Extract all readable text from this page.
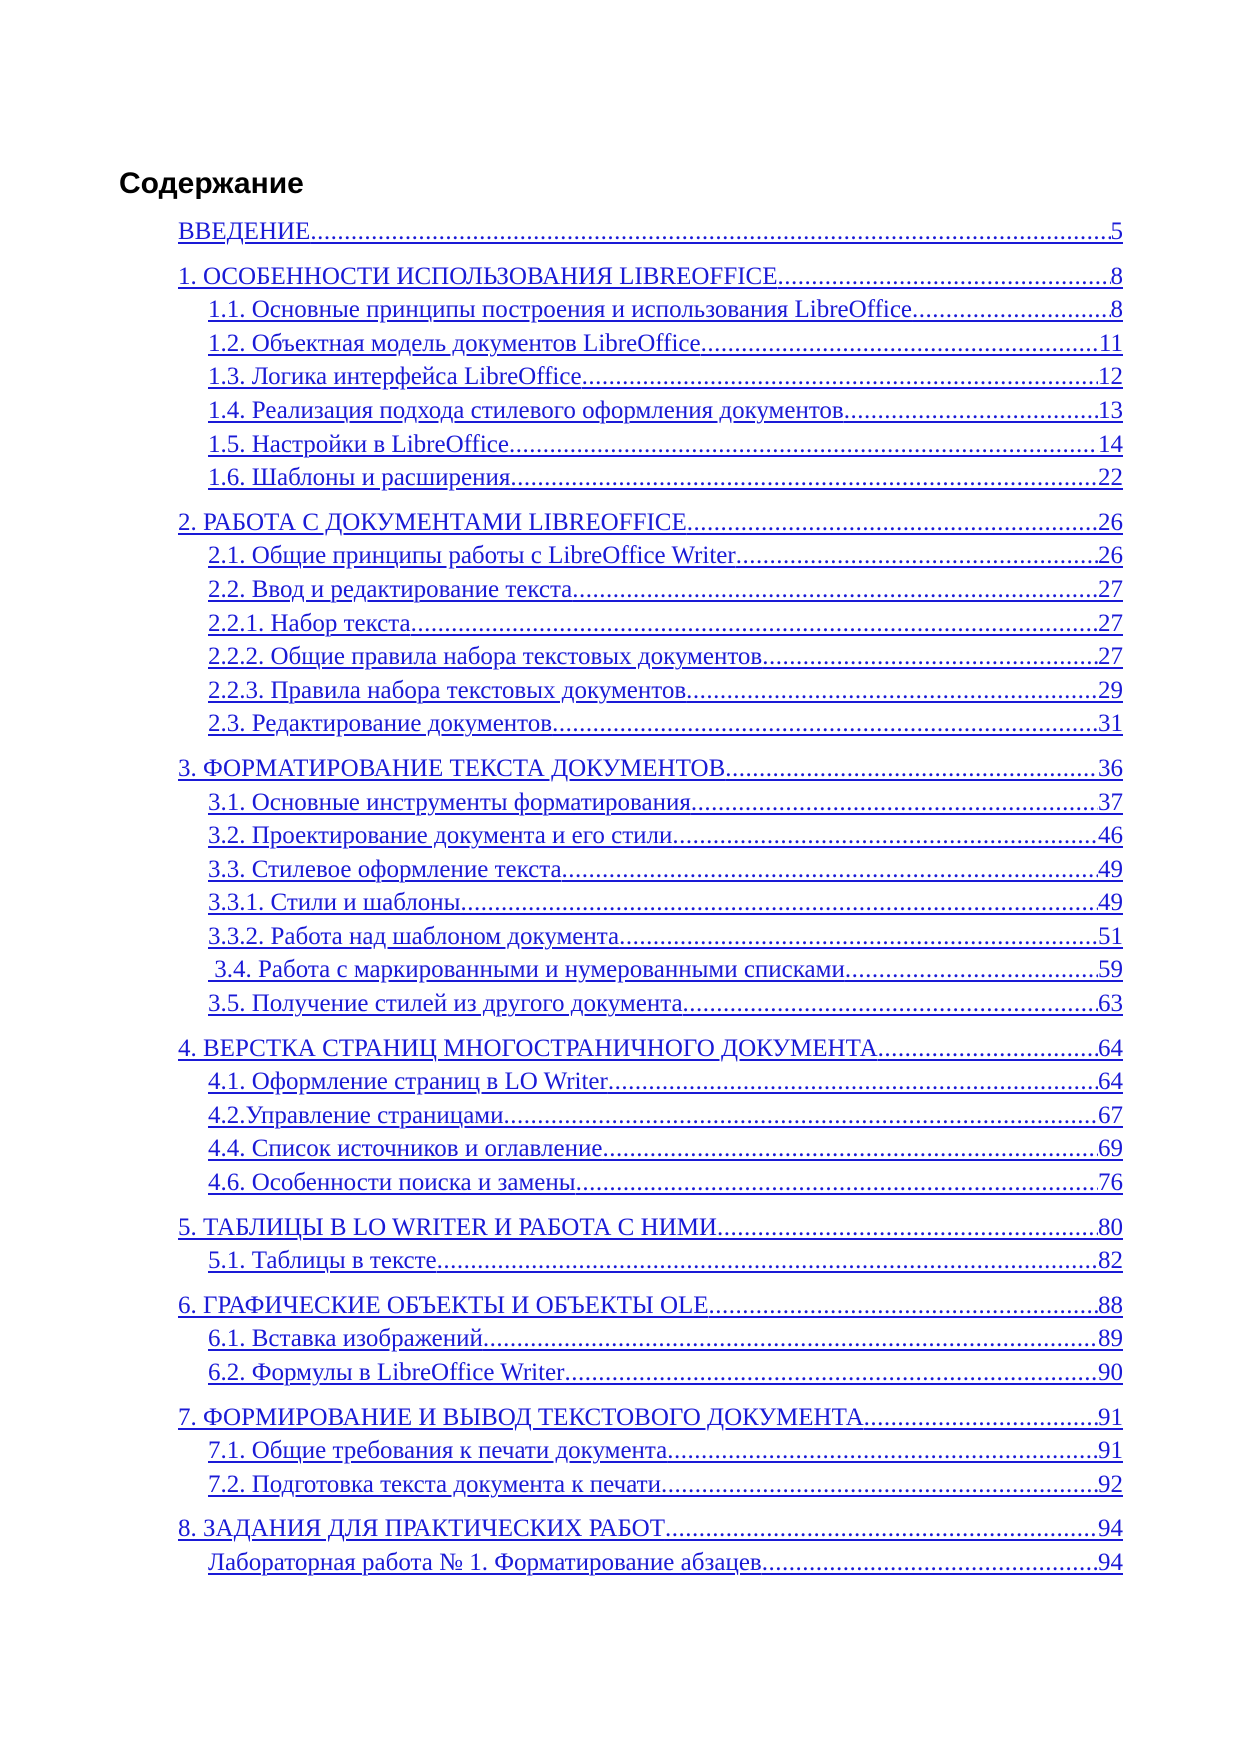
Содержание
ВВЕДЕНИЕ .....	5
1. ОСОБЕННОСТИ ИСПОЛЬЗОВАНИЯ LIBREOFFICE .....	8
1.1. Основные принципы построения и использования LibreOffice .....	8
1.2. Объектная модель документов LibreOffice .....	11
1.3. Логика интерфейса LibreOffice .....	12
1.4. Реализация подхода стилевого оформления документов .....	13
1.5. Настройки в LibreOffice .....	14
1.6. Шаблоны и расширения .....	22
2. РАБОТА С ДОКУМЕНТАМИ LIBREOFFICE .....	26
2.1. Общие принципы работы с LibreOffice Writer .....	26
2.2. Ввод и редактирование текста .....	27
2.2.1. Набор текста .....	27
2.2.2. Общие правила набора текстовых документов .....	27
2.2.3. Правила набора текстовых документов .....	29
2.3. Редактирование документов .....	31
3. ФОРМАТИРОВАНИЕ ТЕКСТА ДОКУМЕНТОВ .....	36
3.1. Основные инструменты форматирования .....	37
3.2. Проектирование документа и его стили .....	46
3.3. Стилевое оформление текста .....	49
3.3.1. Стили и шаблоны .....	49
3.3.2. Работа над шаблоном документа .....	51
3.4. Работа с маркированными и нумерованными списками .....	59
3.5. Получение стилей из другого документа .....	63
4. ВЕРСТКА СТРАНИЦ МНОГОСТРАНИЧНОГО ДОКУМЕНТА .....	64
4.1. Оформление страниц в LO Writer .....	64
4.2.Управление страницами .....	67
4.4. Список источников и оглавление .....	69
4.6. Особенности поиска и замены .....	76
5. ТАБЛИЦЫ В LO WRITER И РАБОТА С НИМИ .....	80
5.1. Таблицы в тексте .....	82
6. ГРАФИЧЕСКИЕ ОБЪЕКТЫ И ОБЪЕКТЫ OLE .....	88
6.1. Вставка изображений .....	89
6.2. Формулы в LibreOffice Writer .....	90
7. ФОРМИРОВАНИЕ И ВЫВОД ТЕКСТОВОГО ДОКУМЕНТА .....	91
7.1. Общие требования к печати документа .....	91
7.2. Подготовка текста документа к печати .....	92
8. ЗАДАНИЯ ДЛЯ ПРАКТИЧЕСКИХ РАБОТ .....	94
Лабораторная работа № 1. Форматирование абзацев .....	94
